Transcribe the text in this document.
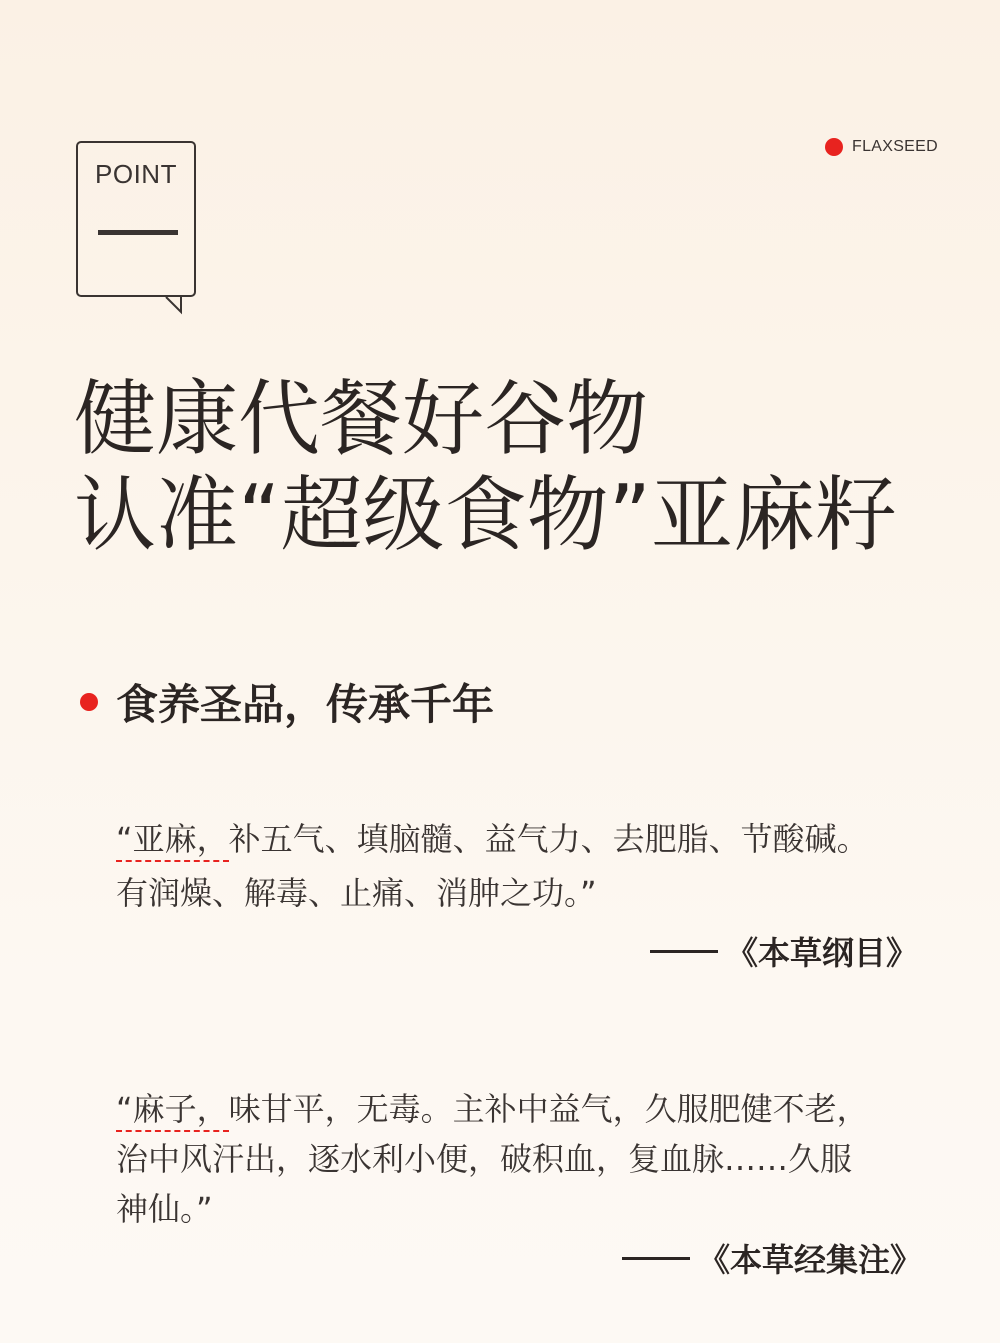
POINT
FLAXSEED
健康代餐好谷物
认准“超级食物”亚麻籽
食养圣品，传承千年
“亚麻，补五气、填脑髓、益气力、去肥脂、节酸碱。
有润燥、解毒、止痛、消肿之功。”
《本草纲目》
“麻子，味甘平，无毒。主补中益气，久服肥健不老，
治中风汗出，逐水利小便，破积血，复血脉……久服
神仙。”
《本草经集注》
